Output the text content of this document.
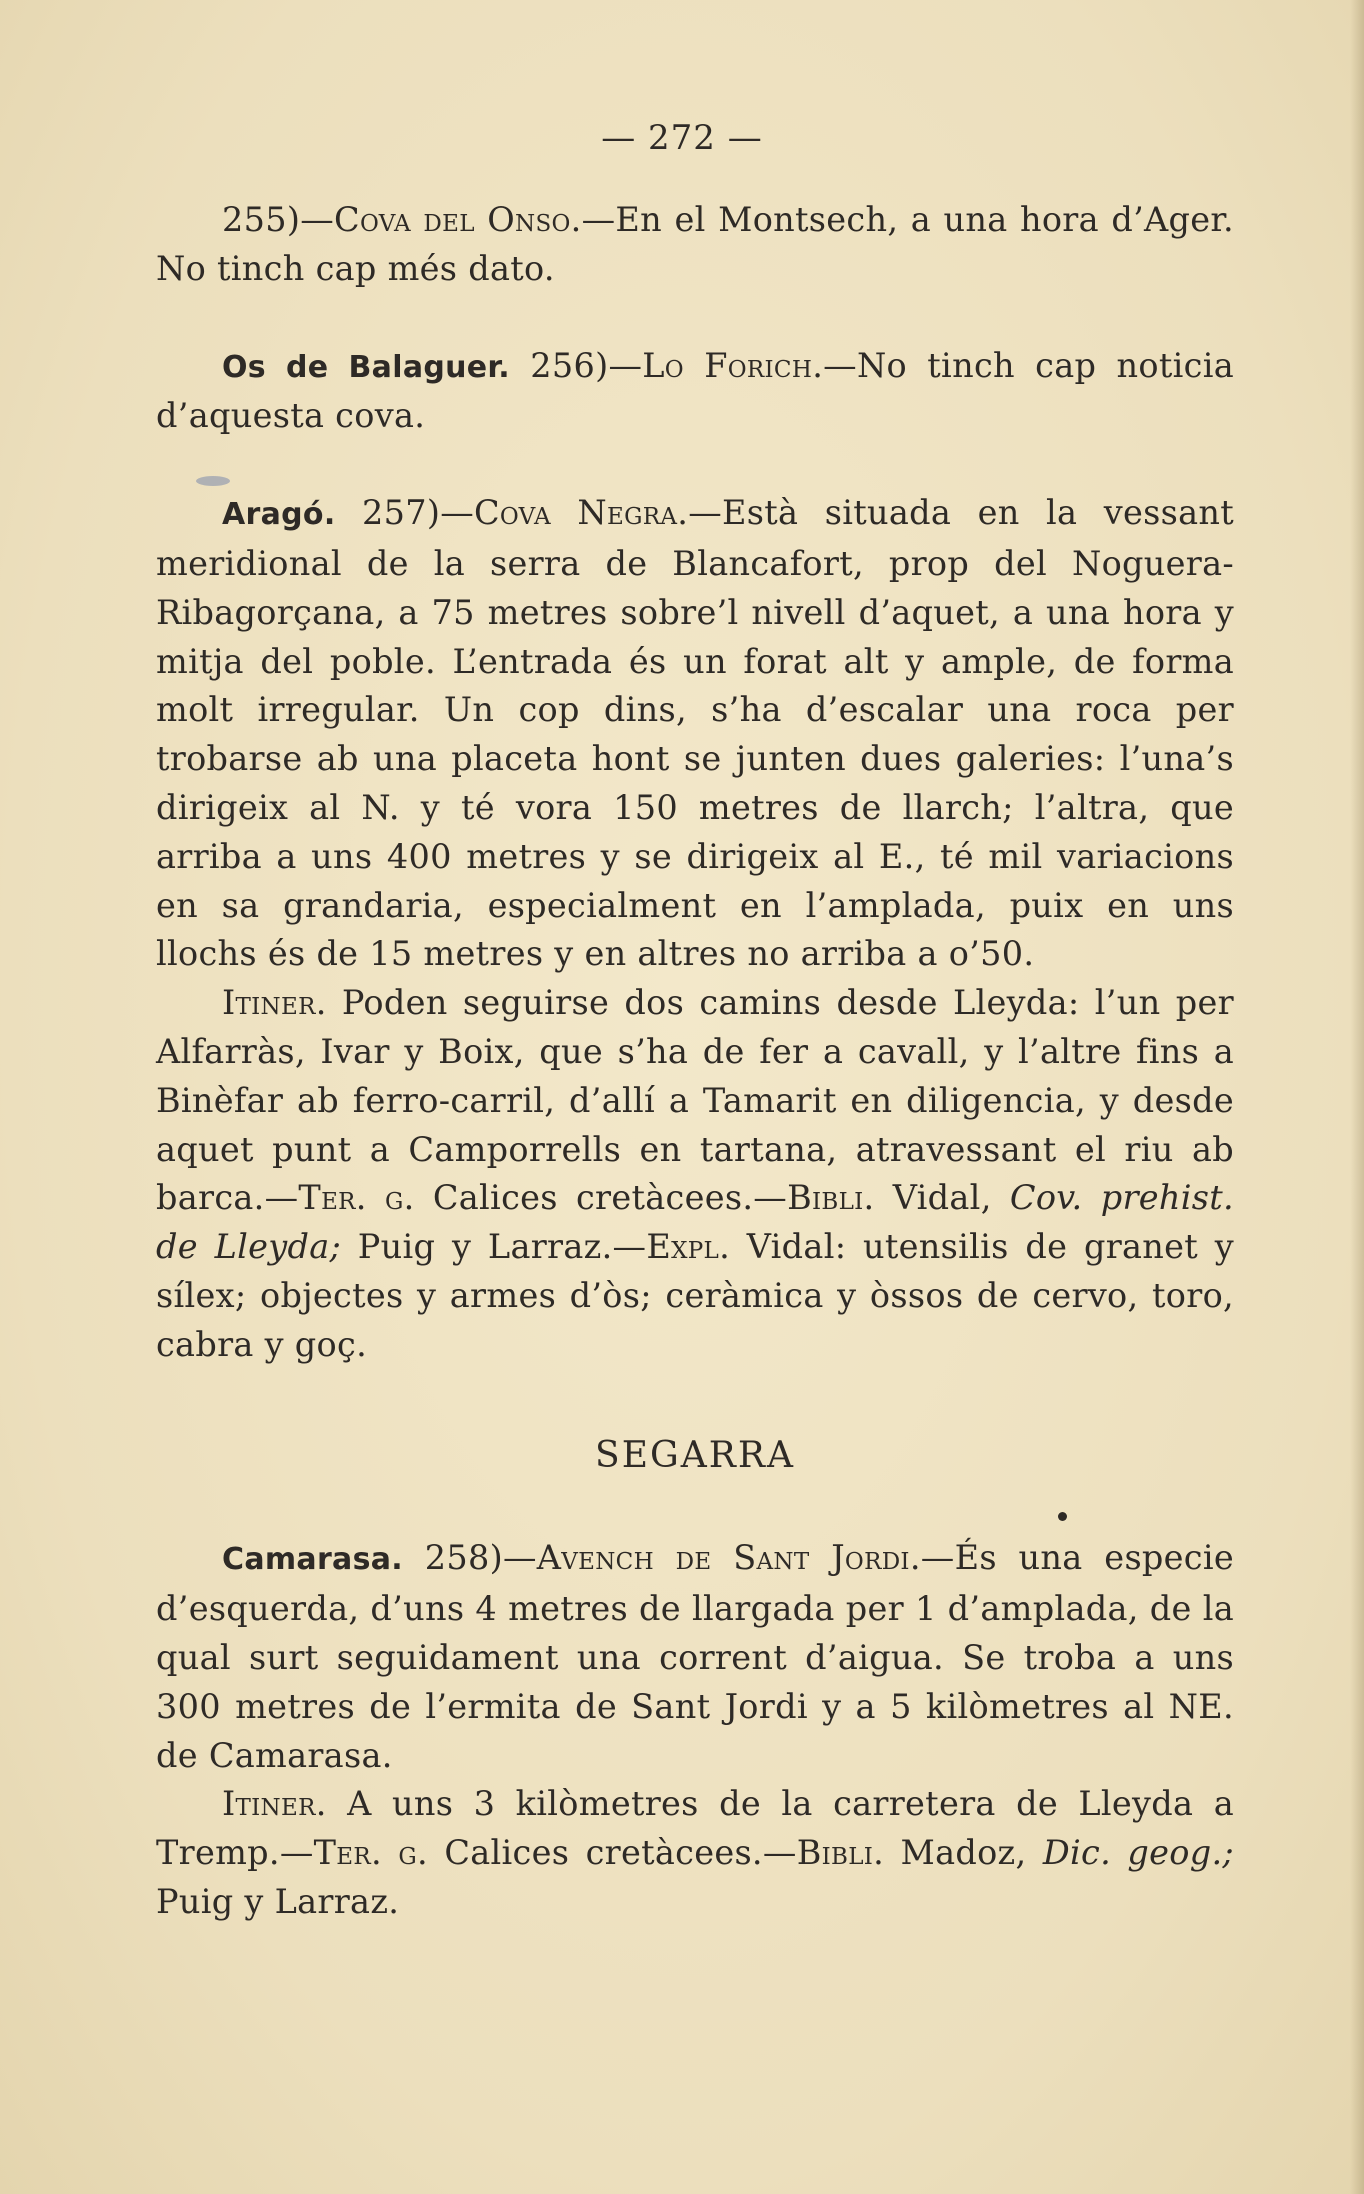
— 272 —

255)—Cova del Onso.—En el Montsech, a una hora d’Ager. No tinch cap més dato.

Os de Balaguer. 256)—Lo Forich.—No tinch cap noticia d’aquesta cova.

Aragó. 257)—Cova Negra.—Està situada en la vessant meridional de la serra de Blancafort, prop del Noguera-Ribagorçana, a 75 metres sobre’l nivell d’aquet, a una hora y mitja del poble. L’entrada és un forat alt y ample, de forma molt irregular. Un cop dins, s’ha d’escalar una roca per trobarse ab una placeta hont se junten dues galeries: l’una’s dirigeix al N. y té vora 150 metres de llarch; l’altra, que arriba a uns 400 metres y se dirigeix al E., té mil variacions en sa grandaria, especialment en l’amplada, puix en uns llochs és de 15 metres y en altres no arriba a o’50.

Itiner. Poden seguirse dos camins desde Lleyda: l’un per Alfarràs, Ivar y Boix, que s’ha de fer a cavall, y l’altre fins a Binèfar ab ferro-carril, d’allí a Tamarit en diligencia, y desde aquet punt a Camporrells en tartana, atravessant el riu ab barca.—Ter. g. Calices cretàcees.—Bibli. Vidal, Cov. prehist. de Lleyda; Puig y Larraz.—Expl. Vidal: utensilis de granet y sílex; objectes y armes d’òs; ceràmica y òssos de cervo, toro, cabra y goç.

SEGARRA

Camarasa. 258)—Avench de Sant Jordi.—És una especie d’esquerda, d’uns 4 metres de llargada per 1 d’amplada, de la qual surt seguidament una corrent d’aigua. Se troba a uns 300 metres de l’ermita de Sant Jordi y a 5 kilòmetres al NE. de Camarasa.

Itiner. A uns 3 kilòmetres de la carretera de Lleyda a Tremp.—Ter. g. Calices cretàcees.—Bibli. Madoz, Dic. geog.; Puig y Larraz.
